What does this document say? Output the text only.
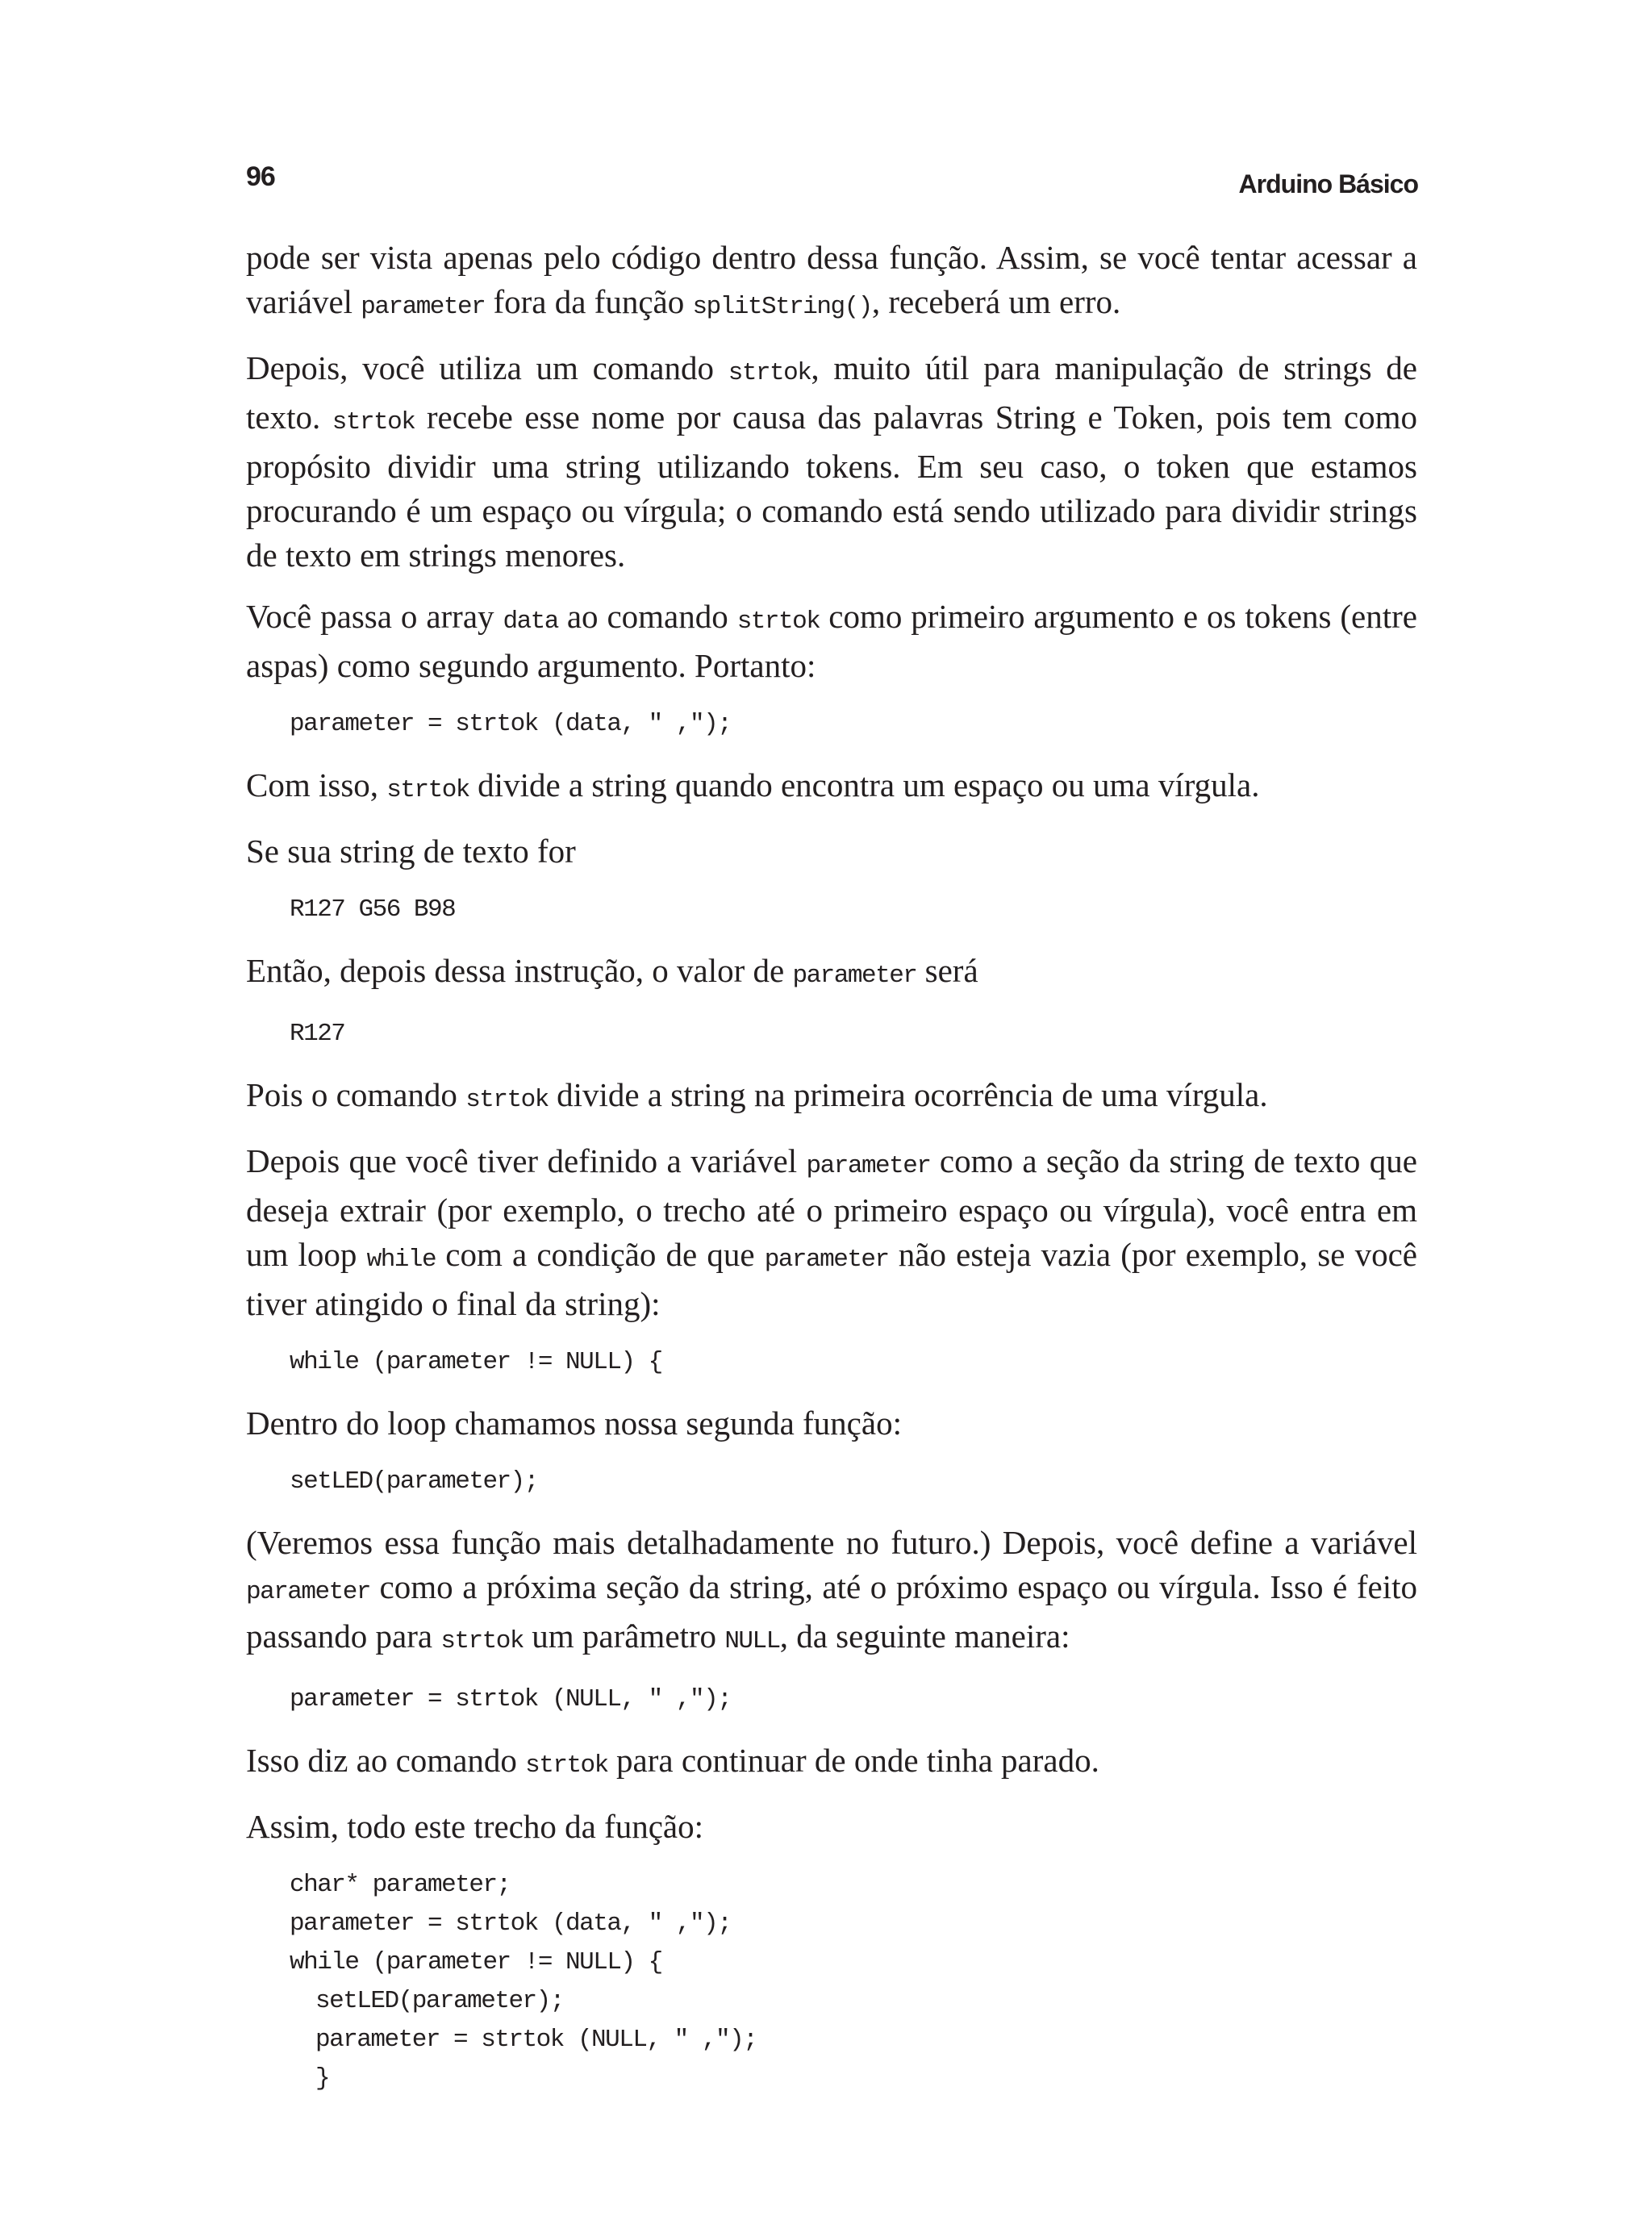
96	Arduino Básico

pode ser vista apenas pelo código dentro dessa função. Assim, se você tentar acessar a variável parameter fora da função splitString(), receberá um erro.

Depois, você utiliza um comando strtok, muito útil para manipulação de strings de texto. strtok recebe esse nome por causa das palavras String e Token, pois tem como propósito dividir uma string utilizando tokens. Em seu caso, o token que estamos procurando é um espaço ou vírgula; o comando está sendo utilizado para dividir strings de texto em strings menores.

Você passa o array data ao comando strtok como primeiro argumento e os tokens (entre aspas) como segundo argumento. Portanto:

parameter = strtok (data, " ,");

Com isso, strtok divide a string quando encontra um espaço ou uma vírgula.

Se sua string de texto for

R127 G56 B98

Então, depois dessa instrução, o valor de parameter será

R127

Pois o comando strtok divide a string na primeira ocorrência de uma vírgula.

Depois que você tiver definido a variável parameter como a seção da string de texto que deseja extrair (por exemplo, o trecho até o primeiro espaço ou vírgula), você entra em um loop while com a condição de que parameter não esteja vazia (por exemplo, se você tiver atingido o final da string):

while (parameter != NULL) {

Dentro do loop chamamos nossa segunda função:

setLED(parameter);

(Veremos essa função mais detalhadamente no futuro.) Depois, você define a variável parameter como a próxima seção da string, até o próximo espaço ou vírgula. Isso é feito passando para strtok um parâmetro NULL, da seguinte maneira:

parameter = strtok (NULL, " ,");

Isso diz ao comando strtok para continuar de onde tinha parado.

Assim, todo este trecho da função:

char* parameter;
parameter = strtok (data, " ,");
while (parameter != NULL) {
setLED(parameter);
parameter = strtok (NULL, " ,");
}
